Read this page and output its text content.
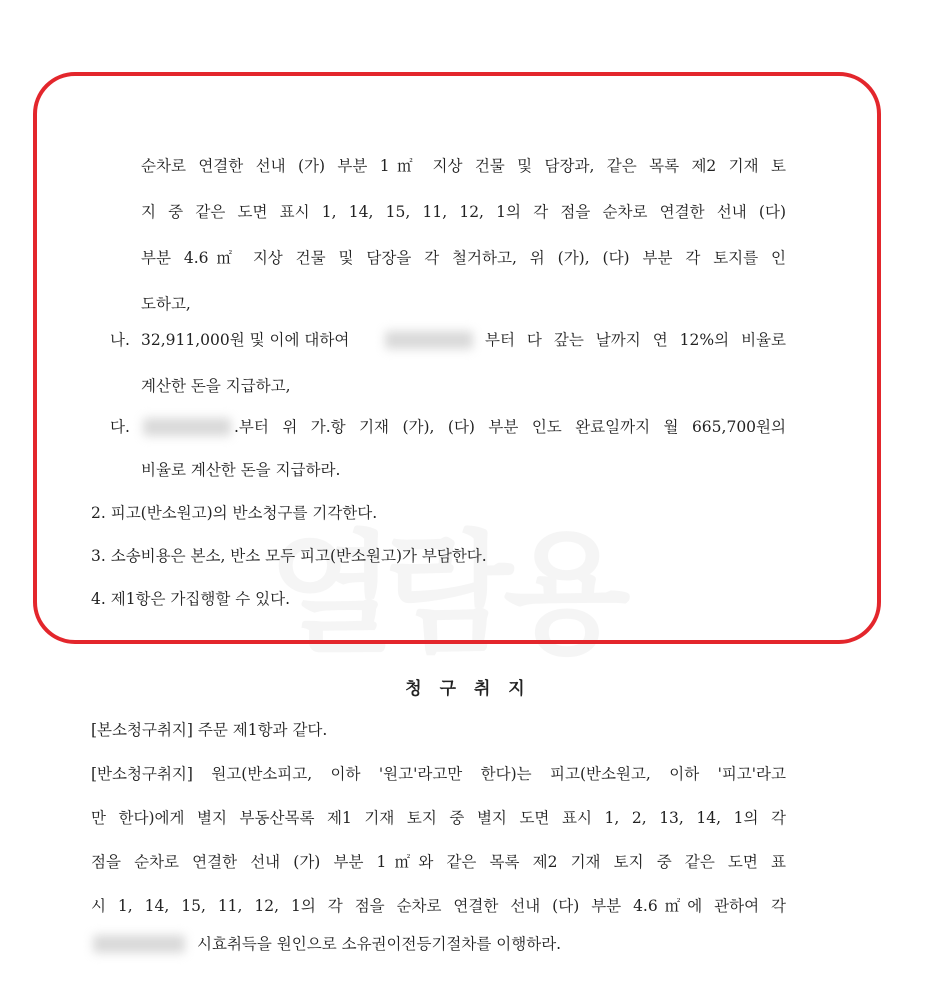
순차로 연결한 선내 (가) 부분 1㎡ 지상 건물 및 담장과, 같은 목록 제2 기재 토
지 중 같은 도면 표시 1, 14, 15, 11, 12, 1의 각 점을 순차로 연결한 선내 (다)
부분 4.6㎡ 지상 건물 및 담장을 각 철거하고, 위 (가), (다) 부분 각 토지를 인
도하고,
나. 32,911,000원 및 이에 대하여	부터 다 갚는 날까지 연 12%의 비율로
계산한 돈을 지급하고,
다.	.부터 위 가.항 기재 (가), (다) 부분 인도 완료일까지 월 665,700원의
비율로 계산한 돈을 지급하라.
2. 피고(반소원고)의 반소청구를 기각한다.
3. 소송비용은 본소, 반소 모두 피고(반소원고)가 부담한다.
4. 제1항은 가집행할 수 있다.
청 구 취 지
[본소청구취지] 주문 제1항과 같다.
[반소청구취지] 원고(반소피고, 이하 '원고'라고만 한다)는 피고(반소원고, 이하 '피고'라고
만 한다)에게 별지 부동산목록 제1 기재 토지 중 별지 도면 표시 1, 2, 13, 14, 1의 각
점을 순차로 연결한 선내 (가) 부분 1㎡와 같은 목록 제2 기재 토지 중 같은 도면 표
시 1, 14, 15, 11, 12, 1의 각 점을 순차로 연결한 선내 (다) 부분 4.6㎡에 관하여 각
시효취득을 원인으로 소유권이전등기절차를 이행하라.
